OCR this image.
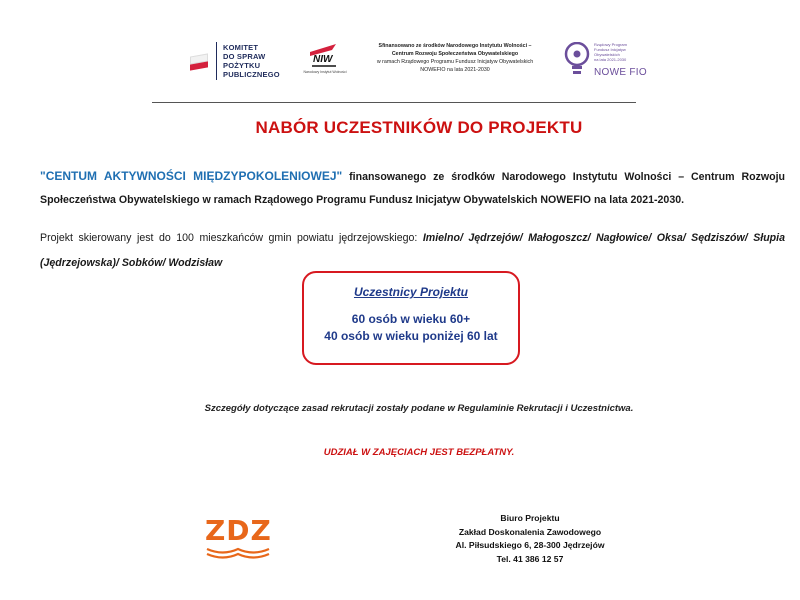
KOMITET
DO SPRAW
POŻYTKU
PUBLICZNEGO
NIW
Narodowy Instytut Wolności
Sfinansowano ze środków Narodowego Instytutu Wolności –
Centrum Rozwoju Społeczeństwa Obywatelskiego
w ramach Rządowego Programu Fundusz Inicjatyw Obywatelskich
NOWEFIO na lata 2021-2030
Rządowy Program
Fundusz Inicjatyw
Obywatelskich
na lata 2021-2030
NOWE FIO
NABÓR UCZESTNIKÓW DO PROJEKTU
"CENTUM AKTYWNOŚCI MIĘDZYPOKOLENIOWEJ" finansowanego ze środków Narodowego Instytutu Wolności – Centrum Rozwoju Społeczeństwa Obywatelskiego w ramach Rządowego Programu Fundusz Inicjatyw Obywatelskich NOWEFIO na lata 2021-2030.
Projekt skierowany jest do 100 mieszkańców gmin powiatu jędrzejowskiego: Imielno/ Jędrzejów/ Małogoszcz/ Nagłowice/ Oksa/ Sędziszów/ Słupia (Jędrzejowska)/ Sobków/ Wodzisław
Uczestnicy Projektu
60 osób w wieku 60+
40 osób w wieku poniżej 60 lat
Szczegóły dotyczące zasad rekrutacji zostały podane w Regulaminie Rekrutacji i Uczestnictwa.
UDZIAŁ W ZAJĘCIACH JEST BEZPŁATNY.
ZDZ	Biuro Projektu
Zakład Doskonalenia Zawodowego
Al. Piłsudskiego 6, 28-300 Jędrzejów
Tel. 41 386 12 57
